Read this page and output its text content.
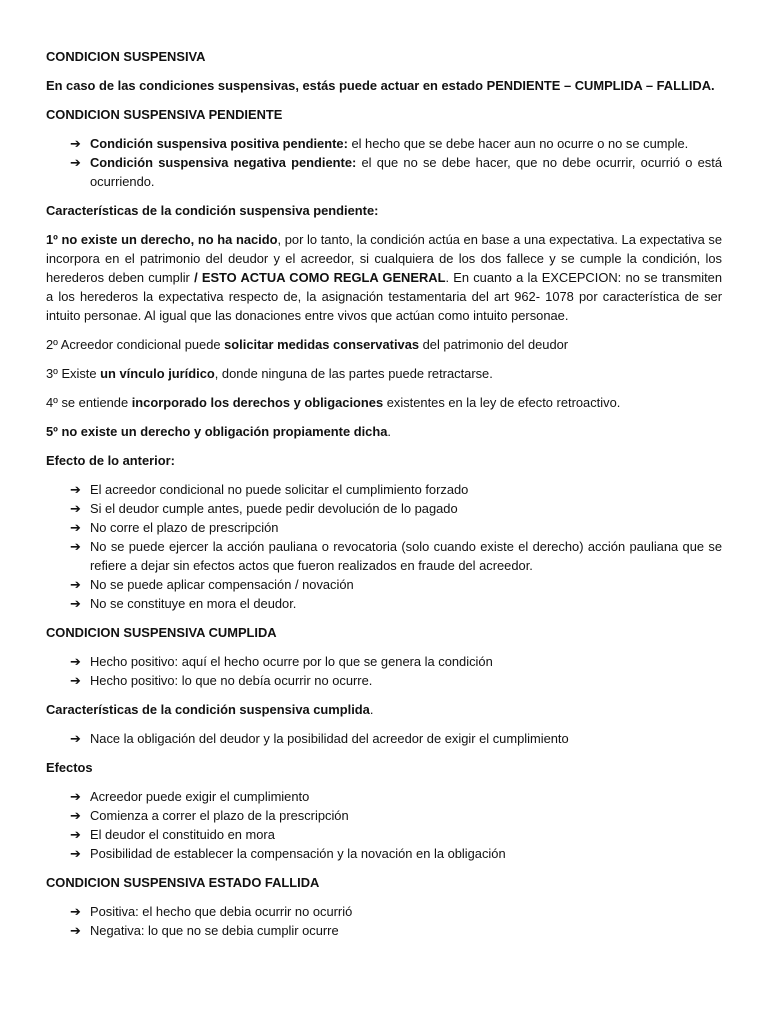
CONDICION SUSPENSIVA

En caso de las condiciones suspensivas, estás puede actuar en estado PENDIENTE – CUMPLIDA – FALLIDA.

CONDICION SUSPENSIVA PENDIENTE

➔ Condición suspensiva positiva pendiente: el hecho que se debe hacer aun no ocurre o no se cumple.
➔ Condición suspensiva negativa pendiente: el que no se debe hacer, que no debe ocurrir, ocurrió o está ocurriendo.

Características de la condición suspensiva pendiente:

1º no existe un derecho, no ha nacido, por lo tanto, la condición actúa en base a una expectativa. La expectativa se incorpora en el patrimonio del deudor y el acreedor, si cualquiera de los dos fallece y se cumple la condición, los herederos deben cumplir / ESTO ACTUA COMO REGLA GENERAL. En cuanto a la EXCEPCION: no se transmiten a los herederos la expectativa respecto de, la asignación testamentaria del art 962- 1078 por característica de ser intuito personae. Al igual que las donaciones entre vivos que actúan como intuito personae.

2º Acreedor condicional puede solicitar medidas conservativas del patrimonio del deudor

3º Existe un vínculo jurídico, donde ninguna de las partes puede retractarse.

4º se entiende incorporado los derechos y obligaciones existentes en la ley de efecto retroactivo.

5º no existe un derecho y obligación propiamente dicha.

Efecto de lo anterior:

➔ El acreedor condicional no puede solicitar el cumplimiento forzado
➔ Si el deudor cumple antes, puede pedir devolución de lo pagado
➔ No corre el plazo de prescripción
➔ No se puede ejercer la acción pauliana o revocatoria (solo cuando existe el derecho) acción pauliana que se refiere a dejar sin efectos actos que fueron realizados en fraude del acreedor.
➔ No se puede aplicar compensación / novación
➔ No se constituye en mora el deudor.

CONDICION SUSPENSIVA CUMPLIDA

➔ Hecho positivo: aquí el hecho ocurre por lo que se genera la condición
➔ Hecho positivo: lo que no debía ocurrir no ocurre.

Características de la condición suspensiva cumplida.

➔ Nace la obligación del deudor y la posibilidad del acreedor de exigir el cumplimiento

Efectos

➔ Acreedor puede exigir el cumplimiento
➔ Comienza a correr el plazo de la prescripción
➔ El deudor el constituido en mora
➔ Posibilidad de establecer la compensación y la novación en la obligación

CONDICION SUSPENSIVA ESTADO FALLIDA

➔ Positiva: el hecho que debia ocurrir no ocurrió
➔ Negativa: lo que no se debia cumplir ocurre
